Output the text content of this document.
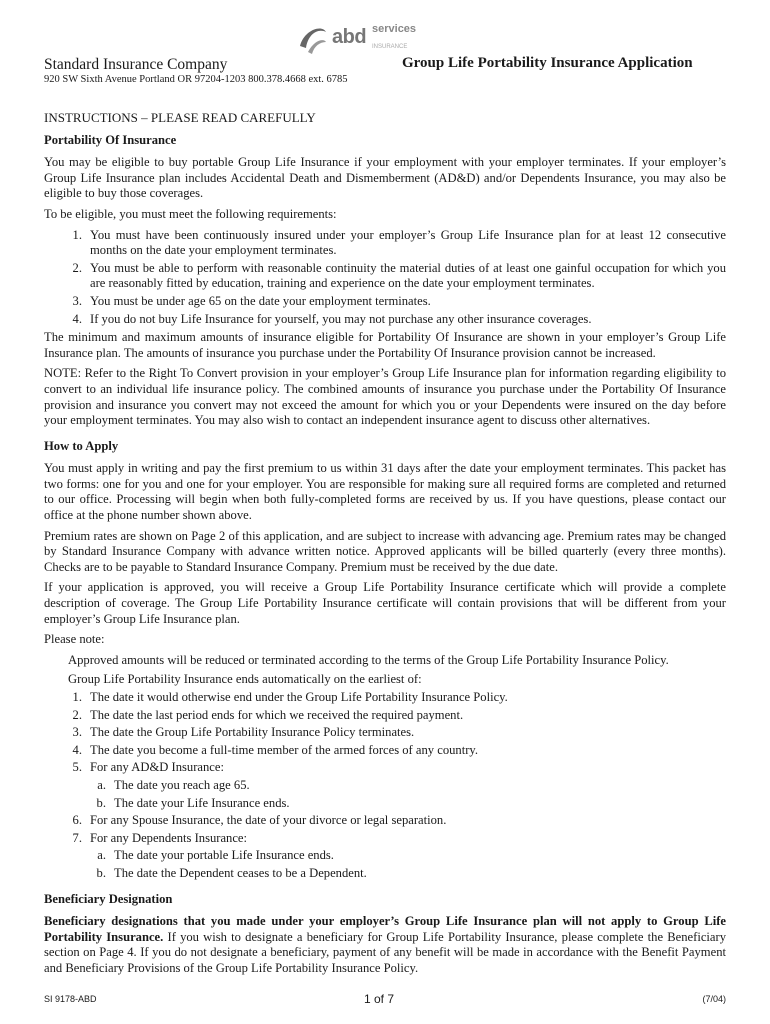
abd services
INSURANCE
Standard Insurance Company
920 SW Sixth Avenue Portland OR 97204-1203 800.378.4668 ext. 6785
Group Life Portability Insurance Application

INSTRUCTIONS – PLEASE READ CAREFULLY

Portability Of Insurance

You may be eligible to buy portable Group Life Insurance if your employment with your employer terminates. If your employer’s Group Life Insurance plan includes Accidental Death and Dismemberment (AD&D) and/or Dependents Insurance, you may also be eligible to buy those coverages.

To be eligible, you must meet the following requirements:

1. You must have been continuously insured under your employer’s Group Life Insurance plan for at least 12 consecutive months on the date your employment terminates.
2. You must be able to perform with reasonable continuity the material duties of at least one gainful occupation for which you are reasonably fitted by education, training and experience on the date your employment terminates.
3. You must be under age 65 on the date your employment terminates.
4. If you do not buy Life Insurance for yourself, you may not purchase any other insurance coverages.

The minimum and maximum amounts of insurance eligible for Portability Of Insurance are shown in your employer’s Group Life Insurance plan. The amounts of insurance you purchase under the Portability Of Insurance provision cannot be increased.

NOTE: Refer to the Right To Convert provision in your employer’s Group Life Insurance plan for information regarding eligibility to convert to an individual life insurance policy. The combined amounts of insurance you purchase under the Portability Of Insurance provision and insurance you convert may not exceed the amount for which you or your Dependents were insured on the day before your employment terminates. You may also wish to contact an independent insurance agent to discuss other alternatives.

How to Apply

You must apply in writing and pay the first premium to us within 31 days after the date your employment terminates. This packet has two forms: one for you and one for your employer. You are responsible for making sure all required forms are completed and returned to our office. Processing will begin when both fully-completed forms are received by us. If you have questions, please contact our office at the phone number shown above.

Premium rates are shown on Page 2 of this application, and are subject to increase with advancing age. Premium rates may be changed by Standard Insurance Company with advance written notice. Approved applicants will be billed quarterly (every three months). Checks are to be payable to Standard Insurance Company. Premium must be received by the due date.

If your application is approved, you will receive a Group Life Portability Insurance certificate which will provide a complete description of coverage. The Group Life Portability Insurance certificate will contain provisions that will be different from your employer’s Group Life Insurance plan.

Please note:

Approved amounts will be reduced or terminated according to the terms of the Group Life Portability Insurance Policy.

Group Life Portability Insurance ends automatically on the earliest of:

1. The date it would otherwise end under the Group Life Portability Insurance Policy.
2. The date the last period ends for which we received the required payment.
3. The date the Group Life Portability Insurance Policy terminates.
4. The date you become a full-time member of the armed forces of any country.
5. For any AD&D Insurance:
a. The date you reach age 65.
b. The date your Life Insurance ends.
6. For any Spouse Insurance, the date of your divorce or legal separation.
7. For any Dependents Insurance:
a. The date your portable Life Insurance ends.
b. The date the Dependent ceases to be a Dependent.

Beneficiary Designation

Beneficiary designations that you made under your employer’s Group Life Insurance plan will not apply to Group Life Portability Insurance. If you wish to designate a beneficiary for Group Life Portability Insurance, please complete the Beneficiary section on Page 4. If you do not designate a beneficiary, payment of any benefit will be made in accordance with the Benefit Payment and Beneficiary Provisions of the Group Life Portability Insurance Policy.

SI 9178-ABD	1 of 7	(7/04)
